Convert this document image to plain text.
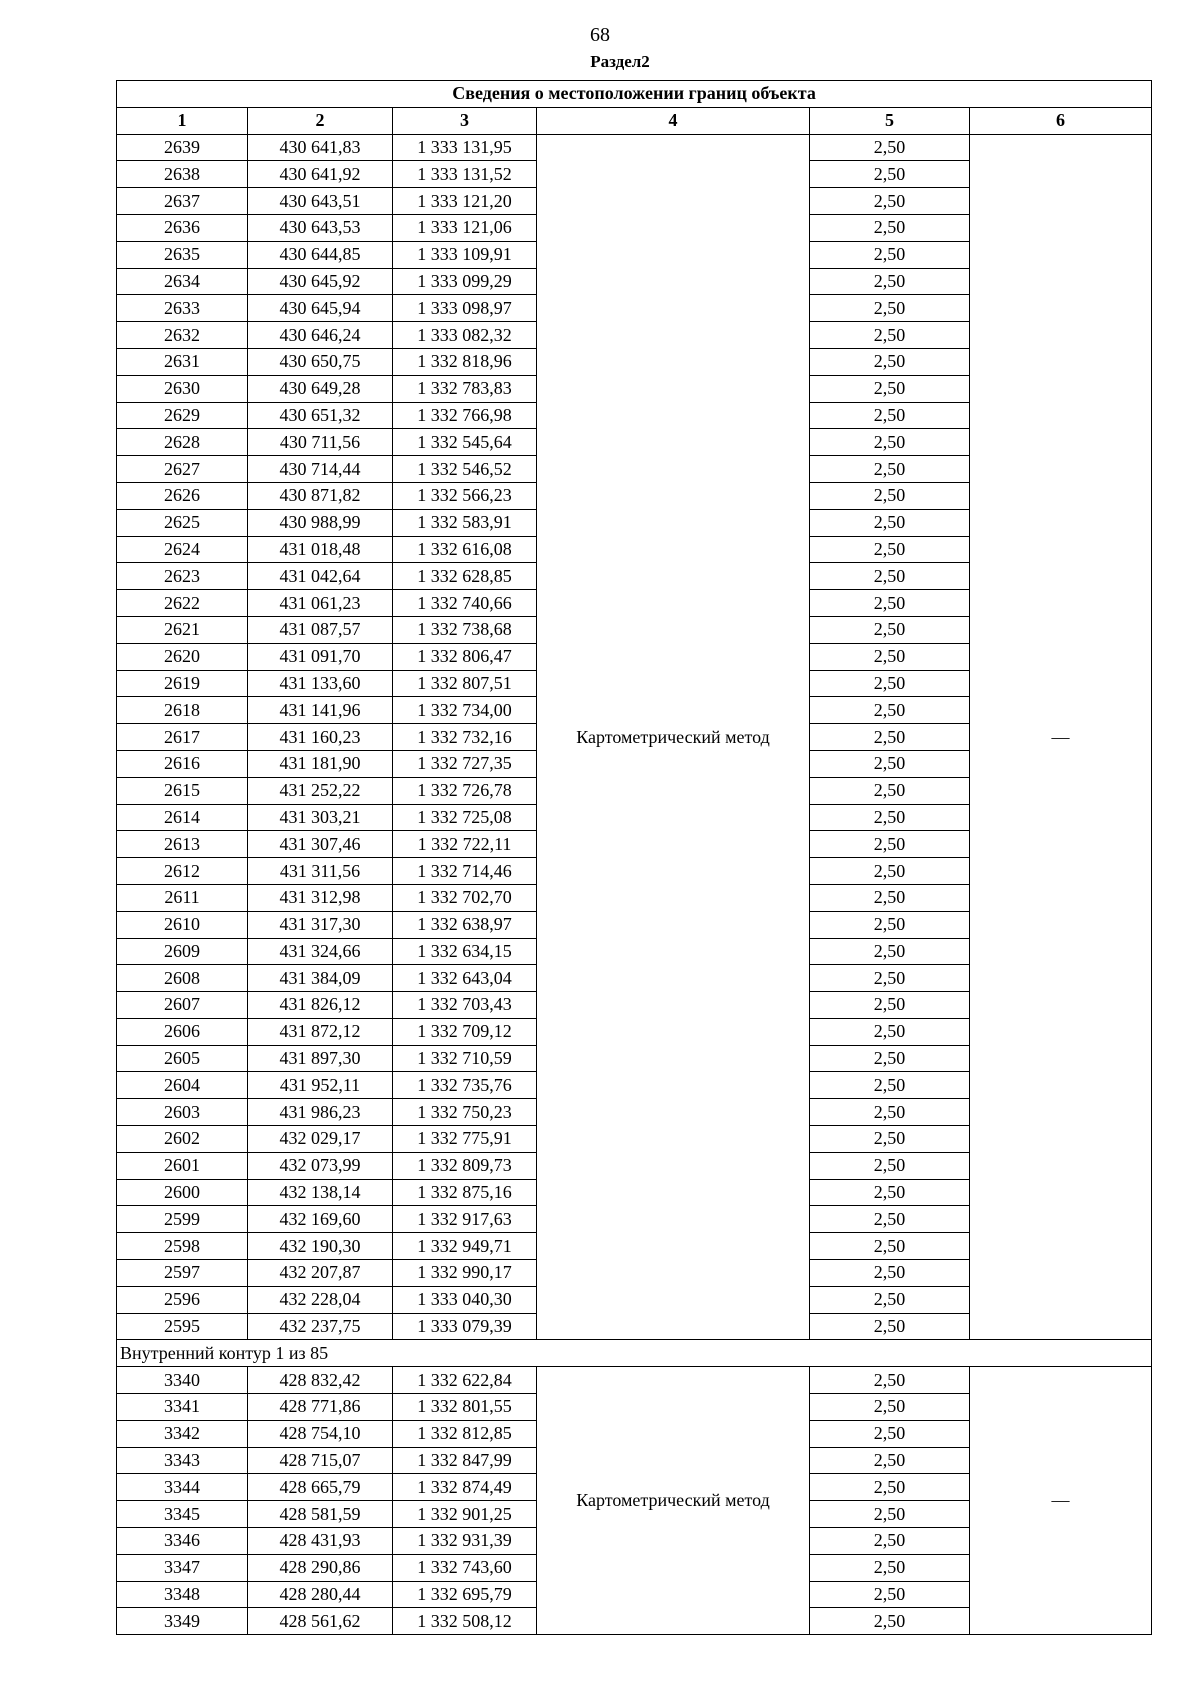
68
Раздел2
Сведения о местоположении границ объекта					
1	2	3	4	5	6
2639	430 641,83	1 333 131,95	Картометрический метод	2,50	—
2638	430 641,92	1 333 131,52		2,50	
2637	430 643,51	1 333 121,20		2,50	
2636	430 643,53	1 333 121,06		2,50	
2635	430 644,85	1 333 109,91		2,50	
2634	430 645,92	1 333 099,29		2,50	
2633	430 645,94	1 333 098,97		2,50	
2632	430 646,24	1 333 082,32		2,50	
2631	430 650,75	1 332 818,96		2,50	
2630	430 649,28	1 332 783,83		2,50	
2629	430 651,32	1 332 766,98		2,50	
2628	430 711,56	1 332 545,64		2,50	
2627	430 714,44	1 332 546,52		2,50	
2626	430 871,82	1 332 566,23		2,50	
2625	430 988,99	1 332 583,91		2,50	
2624	431 018,48	1 332 616,08		2,50	
2623	431 042,64	1 332 628,85		2,50	
2622	431 061,23	1 332 740,66		2,50	
2621	431 087,57	1 332 738,68		2,50	
2620	431 091,70	1 332 806,47		2,50	
2619	431 133,60	1 332 807,51		2,50	
2618	431 141,96	1 332 734,00		2,50	
2617	431 160,23	1 332 732,16		2,50	
2616	431 181,90	1 332 727,35		2,50	
2615	431 252,22	1 332 726,78		2,50	
2614	431 303,21	1 332 725,08		2,50	
2613	431 307,46	1 332 722,11		2,50	
2612	431 311,56	1 332 714,46		2,50	
2611	431 312,98	1 332 702,70		2,50	
2610	431 317,30	1 332 638,97		2,50	
2609	431 324,66	1 332 634,15		2,50	
2608	431 384,09	1 332 643,04		2,50	
2607	431 826,12	1 332 703,43		2,50	
2606	431 872,12	1 332 709,12		2,50	
2605	431 897,30	1 332 710,59		2,50	
2604	431 952,11	1 332 735,76		2,50	
2603	431 986,23	1 332 750,23		2,50	
2602	432 029,17	1 332 775,91		2,50	
2601	432 073,99	1 332 809,73		2,50	
2600	432 138,14	1 332 875,16		2,50	
2599	432 169,60	1 332 917,63		2,50	
2598	432 190,30	1 332 949,71		2,50	
2597	432 207,87	1 332 990,17		2,50	
2596	432 228,04	1 333 040,30		2,50	
2595	432 237,75	1 333 079,39		2,50	
Внутренний контур 1 из 85					
3340	428 832,42	1 332 622,84	Картометрический метод	2,50	—
3341	428 771,86	1 332 801,55		2,50	
3342	428 754,10	1 332 812,85		2,50	
3343	428 715,07	1 332 847,99		2,50	
3344	428 665,79	1 332 874,49		2,50	
3345	428 581,59	1 332 901,25		2,50	
3346	428 431,93	1 332 931,39		2,50	
3347	428 290,86	1 332 743,60		2,50	
3348	428 280,44	1 332 695,79		2,50	
3349	428 561,62	1 332 508,12		2,50	
